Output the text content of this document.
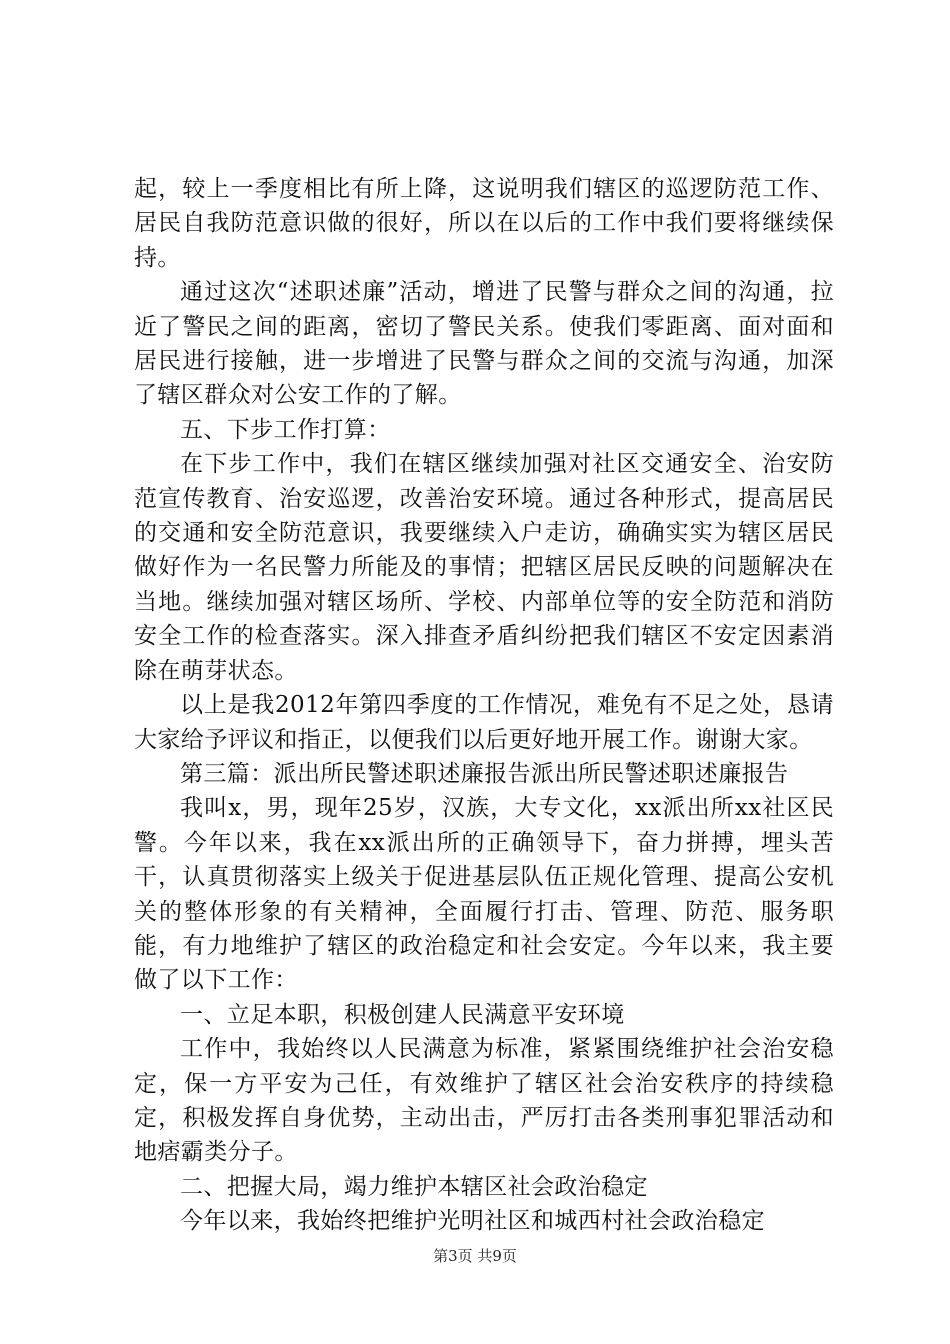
起，较上一季度相比有所上降，这说明我们辖区的巡逻防范工作、居民自我防范意识做的很好，所以在以后的工作中我们要将继续保持。

通过这次“述职述廉”活动，增进了民警与群众之间的沟通，拉近了警民之间的距离，密切了警民关系。使我们零距离、面对面和居民进行接触，进一步增进了民警与群众之间的交流与沟通，加深了辖区群众对公安工作的了解。

五、下步工作打算：

在下步工作中，我们在辖区继续加强对社区交通安全、治安防范宣传教育、治安巡逻，改善治安环境。通过各种形式，提高居民的交通和安全防范意识，我要继续入户走访，确确实实为辖区居民做好作为一名民警力所能及的事情；把辖区居民反映的问题解决在当地。继续加强对辖区场所、学校、内部单位等的安全防范和消防安全工作的检查落实。深入排查矛盾纠纷把我们辖区不安定因素消除在萌芽状态。

以上是我2012年第四季度的工作情况，难免有不足之处，恳请大家给予评议和指正，以便我们以后更好地开展工作。谢谢大家。

第三篇：派出所民警述职述廉报告派出所民警述职述廉报告

我叫x，男，现年25岁，汉族，大专文化，xx派出所xx社区民警。今年以来，我在xx派出所的正确领导下，奋力拼搏，埋头苦干，认真贯彻落实上级关于促进基层队伍正规化管理、提高公安机关的整体形象的有关精神，全面履行打击、管理、防范、服务职能，有力地维护了辖区的政治稳定和社会安定。今年以来，我主要做了以下工作：

一、立足本职，积极创建人民满意平安环境

工作中，我始终以人民满意为标准，紧紧围绕维护社会治安稳定，保一方平安为己任，有效维护了辖区社会治安秩序的持续稳定，积极发挥自身优势，主动出击，严厉打击各类刑事犯罪活动和地痞霸类分子。

二、把握大局，竭力维护本辖区社会政治稳定

今年以来，我始终把维护光明社区和城西村社会政治稳定

第3页 共9页
